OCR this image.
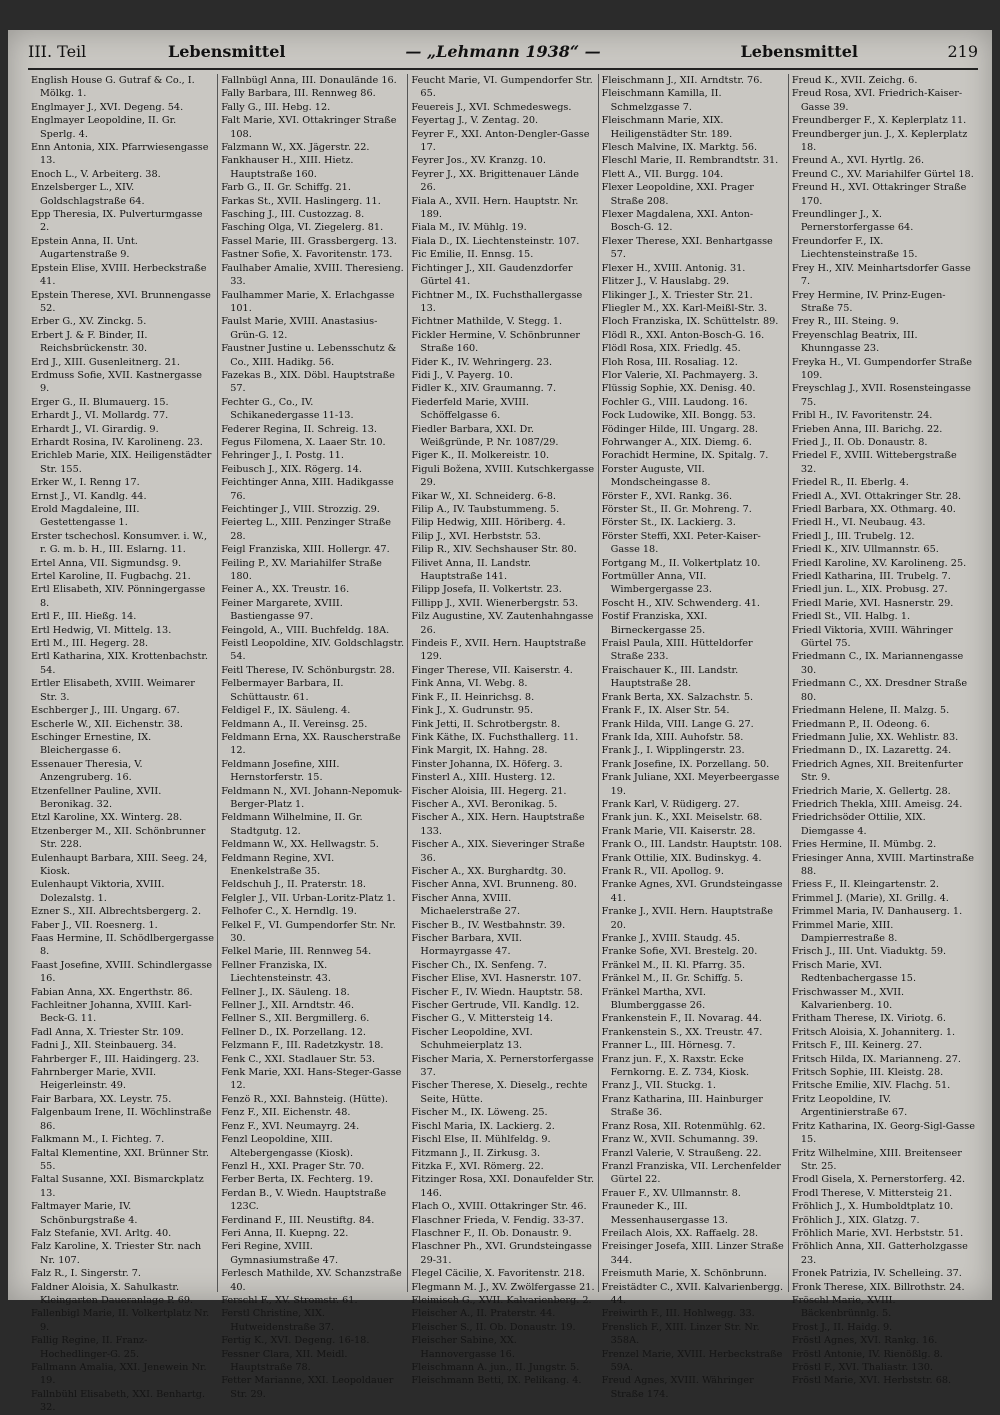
III. Teil	Lebensmittel	— „Lehmann 1938“ —	Lebensmittel	219
English House G. Gutraf & Co., I. Mölkg. 1.
Englmayer J., XVI. Degeng. 54.
Englmayer Leopoldine, II. Gr. Sperlg. 4.
Enn Antonia, XIX. Pfarrwiesengasse 13.
Enoch L., V. Arbeiterg. 38.
Enzelsberger L., XIV. Goldschlagstraße 64.
Epp Theresia, IX. Pulverturmgasse 2.
Epstein Anna, II. Unt. Augartenstraße 9.
Epstein Elise, XVIII. Herbeckstraße 41.
Epstein Therese, XVI. Brunnengasse 52.
Erber G., XV. Zinckg. 5.
Erbert J. & F. Binder, II. Reichsbrückenstr. 30.
Erd J., XIII. Gusenleitnerg. 21.
Erdmuss Sofie, XVII. Kastnergasse 9.
Erger G., II. Blumauerg. 15.
Erhardt J., VI. Mollardg. 77.
Erhardt J., VI. Girardig. 9.
Erhardt Rosina, IV. Karolineng. 23.
Erichleb Marie, XIX. Heiligenstädter Str. 155.
Erker W., I. Renng 17.
Ernst J., VI. Kandlg. 44.
Erold Magdaleine, III. Gestettengasse 1.
Erster tschechosl. Konsumver. i. W., r. G. m. b. H., III. Eslarng. 11.
Ertel Anna, VII. Sigmundsg. 9.
Ertel Karoline, II. Fugbachg. 21.
Ertl Elisabeth, XIV. Pönningergasse 8.
Ertl F., III. Hießg. 14.
Ertl Hedwig, VI. Mittelg. 13.
Ertl M., III. Hegerg. 28.
Ertl Katharina, XIX. Krottenbachstr. 54.
Ertler Elisabeth, XVIII. Weimarer Str. 3.
Eschberger J., III. Ungarg. 67.
Escherle W., XII. Eichenstr. 38.
Eschinger Ernestine, IX. Bleichergasse 6.
Essenauer Theresia, V. Anzengruberg. 16.
Etzenfellner Pauline, XVII. Beronikag. 32.
Etzl Karoline, XX. Winterg. 28.
Etzenberger M., XII. Schönbrunner Str. 228.
Eulenhaupt Barbara, XIII. Seeg. 24, Kiosk.
Eulenhaupt Viktoria, XVIII. Dolezalstg. 1.
Ezner S., XII. Albrechtsbergerg. 2.
Faber J., VII. Roesnerg. 1.
Faas Hermine, II. Schödlbergergasse 8.
Faast Josefine, XVIII. Schindlergasse 16.
Fabian Anna, XX. Engerthstr. 86.
Fachleitner Johanna, XVIII. Karl-Beck-G. 11.
Fadl Anna, X. Triester Str. 109.
Fadni J., XII. Steinbauerg. 34.
Fahrberger F., III. Haidingerg. 23.
Fahrnberger Marie, XVII. Heigerleinstr. 49.
Fair Barbara, XX. Leystr. 75.
Falgenbaum Irene, II. Wöchlinstraße 86.
Falkmann M., I. Fichteg. 7.
Faltal Klementine, XXI. Brünner Str. 55.
Faltal Susanne, XXI. Bismarckplatz 13.
Faltmayer Marie, IV. Schönburgstraße 4.
Falz Stefanie, XVI. Arltg. 40.
Falz Karoline, X. Triester Str. nach Nr. 107.
Falz R., I. Singerstr. 7.
Faldner Aloisia, X. Sahulkastr. Kleingarten Daueranlage P. 69.
Fallenbigl Marie, II. Volkertplatz Nr. 9.
Fallig Regine, II. Franz-Hochedlinger-G. 25.
Fallmann Amalia, XXI. Jenewein Nr. 19.
Fallnbühl Elisabeth, XXI. Benhartg. 32.
Fallnbügl Anna, III. Donaulände 16.
Fally Barbara, III. Rennweg 86.
Fally G., III. Hebg. 12.
Falt Marie, XVI. Ottakringer Straße 108.
Falzmann W., XX. Jägerstr. 22.
Fankhauser H., XIII. Hietz. Hauptstraße 160.
Farb G., II. Gr. Schiffg. 21.
Farkas St., XVII. Haslingerg. 11.
Fasching J., III. Custozzag. 8.
Fasching Olga, VI. Ziegelerg. 81.
Fassel Marie, III. Grassbergerg. 13.
Fastner Sofie, X. Favoritenstr. 173.
Faulhaber Amalie, XVIII. Theresieng. 33.
Faulhammer Marie, X. Erlachgasse 101.
Faulst Marie, XVIII. Anastasius-Grün-G. 12.
Faustner Justine u. Lebensschutz & Co., XIII. Hadikg. 56.
Fazekas B., XIX. Döbl. Hauptstraße 57.
Fechter G., Co., IV. Schikanedergasse 11-13.
Federer Regina, II. Schreig. 13.
Fegus Filomena, X. Laaer Str. 10.
Fehringer J., I. Postg. 11.
Feibusch J., XIX. Rögerg. 14.
Feichtinger Anna, XIII. Hadikgasse 76.
Feichtinger J., VIII. Strozzig. 29.
Feierteg L., XIII. Penzinger Straße 28.
Feigl Franziska, XIII. Hollergr. 47.
Feiling P., XV. Mariahilfer Straße 180.
Feiner A., XX. Treustr. 16.
Feiner Margarete, XVIII. Bastiengasse 97.
Feingold, A., VIII. Buchfeldg. 18A.
Feistl Leopoldine, XIV. Goldschlagstr. 54.
Feitl Therese, IV. Schönburgstr. 28.
Felbermayer Barbara, II. Schüttaustr. 61.
Feldigel F., IX. Säuleng. 4.
Feldmann A., II. Vereinsg. 25.
Feldmann Erna, XX. Rauscherstraße 12.
Feldmann Josefine, XIII. Hernstorferstr. 15.
Feldmann N., XVI. Johann-Nepomuk-Berger-Platz 1.
Feldmann Wilhelmine, II. Gr. Stadtgutg. 12.
Feldmann W., XX. Hellwagstr. 5.
Feldmann Regine, XVI. Enenkelstraße 35.
Feldschuh J., II. Praterstr. 18.
Felgler J., VII. Urban-Loritz-Platz 1.
Felhofer C., X. Herndlg. 19.
Felkel F., VI. Gumpendorfer Str. Nr. 30.
Felkel Marie, III. Rennweg 54.
Fellner Franziska, IX. Liechtensteinstr. 43.
Fellner J., IX. Säuleng. 18.
Fellner J., XII. Arndtstr. 46.
Fellner S., XII. Bergmillerg. 6.
Fellner D., IX. Porzellang. 12.
Felzmann F., III. Radetzkystr. 18.
Fenk C., XXI. Stadlauer Str. 53.
Fenk Marie, XXI. Hans-Steger-Gasse 12.
Fenzö R., XXI. Bahnsteig. (Hütte).
Fenz F., XII. Eichenstr. 48.
Fenz F., XVI. Neumayrg. 24.
Fenzl Leopoldine, XIII. Altebergengasse (Kiosk).
Fenzl H., XXI. Prager Str. 70.
Ferber Berta, IX. Fechterg. 19.
Ferdan B., V. Wiedn. Hauptstraße 123C.
Ferdinand F., III. Neustiftg. 84.
Feri Anna, II. Kuepng. 22.
Feri Regine, XVIII. Gymnasiumstraße 47.
Ferlesch Mathilde, XV. Schanzstraße 40.
Ferschl F., XV. Stromstr. 61.
Ferstl Christine, XIX. Hutweidenstraße 37.
Fertig K., XVI. Degeng. 16-18.
Fessner Clara, XII. Meidl. Hauptstraße 78.
Fetter Marianne, XXI. Leopoldauer Str. 29.
Feucht Marie, VI. Gumpendorfer Str. 65.
Feuereis J., XVI. Schmedeswegs.
Feyertag J., V. Zentag. 20.
Feyrer F., XXI. Anton-Dengler-Gasse 17.
Feyrer Jos., XV. Kranzg. 10.
Feyrer J., XX. Brigittenauer Lände 26.
Fiala A., XVII. Hern. Hauptstr. Nr. 189.
Fiala M., IV. Mühlg. 19.
Fiala D., IX. Liechtensteinstr. 107.
Fic Emilie, II. Ennsg. 15.
Fichtinger J., XII. Gaudenzdorfer Gürtel 41.
Fichtner M., IX. Fuchsthallergasse 13.
Fichtner Mathilde, V. Stegg. 1.
Fickler Hermine, V. Schönbrunner Straße 160.
Fider K., IV. Wehringerg. 23.
Fidi J., V. Payerg. 10.
Fidler K., XIV. Graumanng. 7.
Fiederfeld Marie, XVIII. Schöffelgasse 6.
Fiedler Barbara, XXI. Dr. Weißgründe, P. Nr. 1087/29.
Figer K., II. Molkereistr. 10.
Figuli Božena, XVIII. Kutschkergasse 29.
Fikar W., XI. Schneiderg. 6-8.
Filip A., IV. Taubstummeng. 5.
Filip Hedwig, XIII. Höriberg. 4.
Filip J., XVI. Herbststr. 53.
Filip R., XIV. Sechshauser Str. 80.
Filivet Anna, II. Landstr. Hauptstraße 141.
Filipp Josefa, II. Volkertstr. 23.
Fillipp J., XVII. Wienerbergstr. 53.
Filz Augustine, XV. Zautenhahngasse 26.
Findeis F., XVII. Hern. Hauptstraße 129.
Finger Therese, VII. Kaiserstr. 4.
Fink Anna, VI. Webg. 8.
Fink F., II. Heinrichsg. 8.
Fink J., X. Gudrunstr. 95.
Fink Jetti, II. Schrotbergstr. 8.
Fink Käthe, IX. Fuchsthallerg. 11.
Fink Margit, IX. Hahng. 28.
Finster Johanna, IX. Höferg. 3.
Finsterl A., XIII. Husterg. 12.
Fischer Aloisia, III. Hegerg. 21.
Fischer A., XVI. Beronikag. 5.
Fischer A., XIX. Hern. Hauptstraße 133.
Fischer A., XIX. Sieveringer Straße 36.
Fischer A., XX. Burghardtg. 30.
Fischer Anna, XVI. Brunneng. 80.
Fischer Anna, XVIII. Michaelerstraße 27.
Fischer B., IV. Westbahnstr. 39.
Fischer Barbara, XVII. Hormayrgasse 47.
Fischer Ch., IX. Senfeng. 7.
Fischer Elise, XVI. Hasnerstr. 107.
Fischer F., IV. Wiedn. Hauptstr. 58.
Fischer Gertrude, VII. Kandlg. 12.
Fischer G., V. Mittersteig 14.
Fischer Leopoldine, XVI. Schuhmeierplatz 13.
Fischer Maria, X. Pernerstorfergasse 37.
Fischer Therese, X. Dieselg., rechte Seite, Hütte.
Fischer M., IX. Löweng. 25.
Fischl Maria, IX. Lackierg. 2.
Fischl Else, II. Mühlfeldg. 9.
Fitzmann J., II. Zirkusg. 3.
Fitzka F., XVI. Römerg. 22.
Fitzinger Rosa, XXI. Donaufelder Str. 146.
Flach O., XVIII. Ottakringer Str. 46.
Flaschner Frieda, V. Fendig. 33-37.
Flaschner F., II. Ob. Donaustr. 9.
Flaschner Ph., XVI. Grundsteingasse 29-31.
Flegel Cäcilie, X. Favoritenstr. 218.
Flegmann M. J., XV. Zwölfergasse 21.
Fleimisch G., XVII. Kalvarienberg. 2.
Fleischer A., II. Praterstr. 44.
Fleischer S., II. Ob. Donaustr. 19.
Fleischer Sabine, XX. Hannovergasse 16.
Fleischmann A. jun., II. Jungstr. 5.
Fleischmann Betti, IX. Pelikang. 4.
Fleischmann J., XII. Arndtstr. 76.
Fleischmann Kamilla, II. Schmelzgasse 7.
Fleischmann Marie, XIX. Heiligenstädter Str. 189.
Flesch Malvine, IX. Marktg. 56.
Fleschl Marie, II. Rembrandtstr. 31.
Flett A., VII. Burgg. 104.
Flexer Leopoldine, XXI. Prager Straße 208.
Flexer Magdalena, XXI. Anton-Bosch-G. 12.
Flexer Therese, XXI. Benhartgasse 57.
Flexer H., XVIII. Antonig. 31.
Flitzer J., V. Hauslabg. 29.
Flikinger J., X. Triester Str. 21.
Fliegler M., XX. Karl-Meißl-Str. 3.
Floch Franziska, IX. Schüttelstr. 89.
Flödl R., XXI. Anton-Bosch-G. 16.
Flödl Rosa, XIX. Friedlg. 45.
Floh Rosa, III. Rosaliag. 12.
Flor Valerie, XI. Pachmayerg. 3.
Flüssig Sophie, XX. Denisg. 40.
Fochler G., VIII. Laudong. 16.
Fock Ludowike, XII. Bongg. 53.
Födinger Hilde, III. Ungarg. 28.
Fohrwanger A., XIX. Diemg. 6.
Forachidt Hermine, IX. Spitalg. 7.
Forster Auguste, VII. Mondscheingasse 8.
Förster F., XVI. Rankg. 36.
Förster St., II. Gr. Mohreng. 7.
Förster St., IX. Lackierg. 3.
Förster Steffi, XXI. Peter-Kaiser-Gasse 18.
Fortgang M., II. Volkertplatz 10.
Fortmüller Anna, VII. Wimbergergasse 23.
Foscht H., XIV. Schwenderg. 41.
Fostif Franziska, XXI. Birneckergasse 25.
Fraisl Paula, XIII. Hütteldorfer Straße 233.
Fraischauer K., III. Landstr. Hauptstraße 28.
Frank Berta, XX. Salzachstr. 5.
Frank F., IX. Alser Str. 54.
Frank Hilda, VIII. Lange G. 27.
Frank Ida, XIII. Auhofstr. 58.
Frank J., I. Wipplingerstr. 23.
Frank Josefine, IX. Porzellang. 50.
Frank Juliane, XXI. Meyerbeergasse 19.
Frank Karl, V. Rüdigerg. 27.
Frank jun. K., XXI. Meiselstr. 68.
Frank Marie, VII. Kaiserstr. 28.
Frank O., III. Landstr. Hauptstr. 108.
Frank Ottilie, XIX. Budinskyg. 4.
Frank R., VII. Apollog. 9.
Franke Agnes, XVI. Grundsteingasse 41.
Franke J., XVII. Hern. Hauptstraße 20.
Franke J., XVIII. Staudg. 45.
Franke Sofie, XVI. Brestelg. 20.
Fränkel M., II. Kl. Pfarrg. 35.
Fränkel M., II. Gr. Schiffg. 5.
Fränkel Martha, XVI. Blumberggasse 26.
Frankenstein F., II. Novarag. 44.
Frankenstein S., XX. Treustr. 47.
Franner L., III. Hörnesg. 7.
Franz jun. F., X. Raxstr. Ecke Fernkorng. E. Z. 734, Kiosk.
Franz J., VII. Stuckg. 1.
Franz Katharina, III. Hainburger Straße 36.
Franz Rosa, XII. Rotenmühlg. 62.
Franz W., XVII. Schumanng. 39.
Franzl Valerie, V. Straußeng. 22.
Franzl Franziska, VII. Lerchenfelder Gürtel 22.
Frauer F., XV. Ullmannstr. 8.
Frauneder K., III. Messenhausergasse 13.
Freilach Alois, XX. Raffaelg. 28.
Freisinger Josefa, XIII. Linzer Straße 344.
Freismuth Marie, X. Schönbrunn.
Freistädter C., XVII. Kalvarienbergg. 44.
Freiwirth F., III. Hohlwegg. 33.
Frenslich F., XIII. Linzer Str. Nr. 358A.
Frenzel Marie, XVIII. Herbeckstraße 59A.
Freud Agnes, XVIII. Währinger Straße 174.
Freud K., XVII. Zeichg. 6.
Freud Rosa, XVI. Friedrich-Kaiser-Gasse 39.
Freundberger F., X. Keplerplatz 11.
Freundberger jun. J., X. Keplerplatz 18.
Freund A., XVI. Hyrtlg. 26.
Freund C., XV. Mariahilfer Gürtel 18.
Freund H., XVI. Ottakringer Straße 170.
Freundlinger J., X. Pernerstorfergasse 64.
Freundorfer F., IX. Liechtensteinstraße 15.
Frey H., XIV. Meinhartsdorfer Gasse 7.
Frey Hermine, IV. Prinz-Eugen-Straße 75.
Frey R., III. Steing. 9.
Freyenschlag Beatrix, III. Khunngasse 23.
Freyka H., VI. Gumpendorfer Straße 109.
Freyschlag J., XVII. Rosensteingasse 75.
Fribl H., IV. Favoritenstr. 24.
Frieben Anna, III. Barichg. 22.
Fried J., II. Ob. Donaustr. 8.
Friedel F., XVIII. Wittebergstraße 32.
Friedel R., II. Eberlg. 4.
Friedl A., XVI. Ottakringer Str. 28.
Friedl Barbara, XX. Othmarg. 40.
Friedl H., VI. Neubaug. 43.
Friedl J., III. Trubelg. 12.
Friedl K., XIV. Ullmannstr. 65.
Friedl Karoline, XV. Karolineng. 25.
Friedl Katharina, III. Trubelg. 7.
Friedl jun. L., XIX. Probusg. 27.
Friedl Marie, XVI. Hasnerstr. 29.
Friedl St., VII. Halbg. 1.
Friedl Viktoria, XVIII. Währinger Gürtel 75.
Friedmann C., IX. Mariannengasse 30.
Friedmann C., XX. Dresdner Straße 80.
Friedmann Helene, II. Malzg. 5.
Friedmann P., II. Odeong. 6.
Friedmann Julie, XX. Wehlistr. 83.
Friedmann D., IX. Lazarettg. 24.
Friedrich Agnes, XII. Breitenfurter Str. 9.
Friedrich Marie, X. Gellertg. 28.
Friedrich Thekla, XIII. Ameisg. 24.
Friedrichsöder Ottilie, XIX. Diemgasse 4.
Fries Hermine, II. Mümbg. 2.
Friesinger Anna, XVIII. Martinstraße 88.
Friess F., II. Kleingartenstr. 2.
Frimmel J. (Marie), XI. Grillg. 4.
Frimmel Maria, IV. Danhauserg. 1.
Frimmel Marie, XIII. Dampierrestraße 8.
Frisch J., III. Unt. Viaduktg. 59.
Frisch Marie, XVI. Redtenbachergasse 15.
Frischwasser M., XVII. Kalvarienberg. 10.
Fritham Therese, IX. Viriotg. 6.
Fritsch Aloisia, X. Johanniterg. 1.
Fritsch F., III. Keinerg. 27.
Fritsch Hilda, IX. Marianneng. 27.
Fritsch Sophie, III. Kleistg. 28.
Fritsche Emilie, XIV. Flachg. 51.
Fritz Leopoldine, IV. Argentinierstraße 67.
Fritz Katharina, IX. Georg-Sigl-Gasse 15.
Fritz Wilhelmine, XIII. Breitenseer Str. 25.
Frodl Gisela, X. Pernerstorferg. 42.
Frodl Therese, V. Mittersteig 21.
Fröhlich J., X. Humboldtplatz 10.
Fröhlich J., XIX. Glatzg. 7.
Fröhlich Marie, XVI. Herbststr. 51.
Fröhlich Anna, XII. Gatterholzgasse 23.
Fronek Patrizia, IV. Schelleing. 37.
Fronk Therese, XIX. Billrothstr. 24.
Fröschl Marie, XVIII. Bäckenbrünnlg. 5.
Frost J., II. Haidg. 9.
Fröstl Agnes, XVI. Rankg. 16.
Fröstl Antonie, IV. Rienößlg. 8.
Fröstl F., XVI. Thaliastr. 130.
Fröstl Marie, XVI. Herbststr. 68.
